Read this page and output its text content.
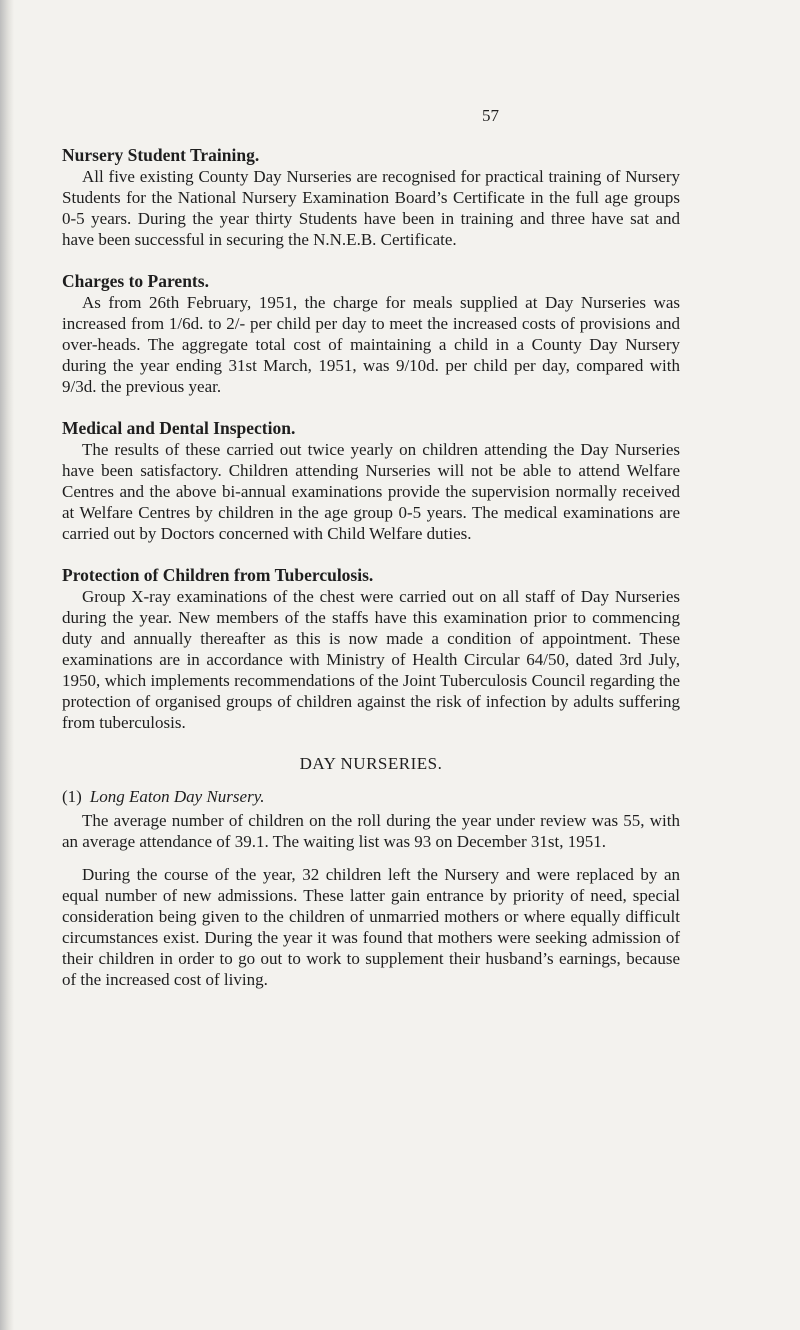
57

Nursery Student Training.

All five existing County Day Nurseries are recognised for practical training of Nursery Students for the National Nursery Examination Board’s Certificate in the full age groups 0-5 years. During the year thirty Students have been in training and three have sat and have been successful in securing the N.N.E.B. Certificate.

Charges to Parents.

As from 26th February, 1951, the charge for meals supplied at Day Nurseries was increased from 1/6d. to 2/- per child per day to meet the increased costs of provisions and over-heads. The aggregate total cost of maintaining a child in a County Day Nursery during the year ending 31st March, 1951, was 9/10d. per child per day, compared with 9/3d. the previous year.

Medical and Dental Inspection.

The results of these carried out twice yearly on children attending the Day Nurseries have been satisfactory. Children attending Nurseries will not be able to attend Welfare Centres and the above bi-annual examinations provide the supervision normally received at Welfare Centres by children in the age group 0-5 years. The medical examinations are carried out by Doctors concerned with Child Welfare duties.

Protection of Children from Tuberculosis.

Group X-ray examinations of the chest were carried out on all staff of Day Nurseries during the year. New members of the staffs have this examination prior to commencing duty and annually thereafter as this is now made a condition of appointment. These examinations are in accordance with Ministry of Health Circular 64/50, dated 3rd July, 1950, which implements recommendations of the Joint Tuberculosis Council regarding the protection of organised groups of children against the risk of infection by adults suffering from tuberculosis.

DAY NURSERIES.

(1) Long Eaton Day Nursery.

The average number of children on the roll during the year under review was 55, with an average attendance of 39.1. The waiting list was 93 on December 31st, 1951.

During the course of the year, 32 children left the Nursery and were replaced by an equal number of new admissions. These latter gain entrance by priority of need, special consideration being given to the children of unmarried mothers or where equally difficult circumstances exist. During the year it was found that mothers were seeking admission of their children in order to go out to work to supplement their husband’s earnings, because of the increased cost of living.
